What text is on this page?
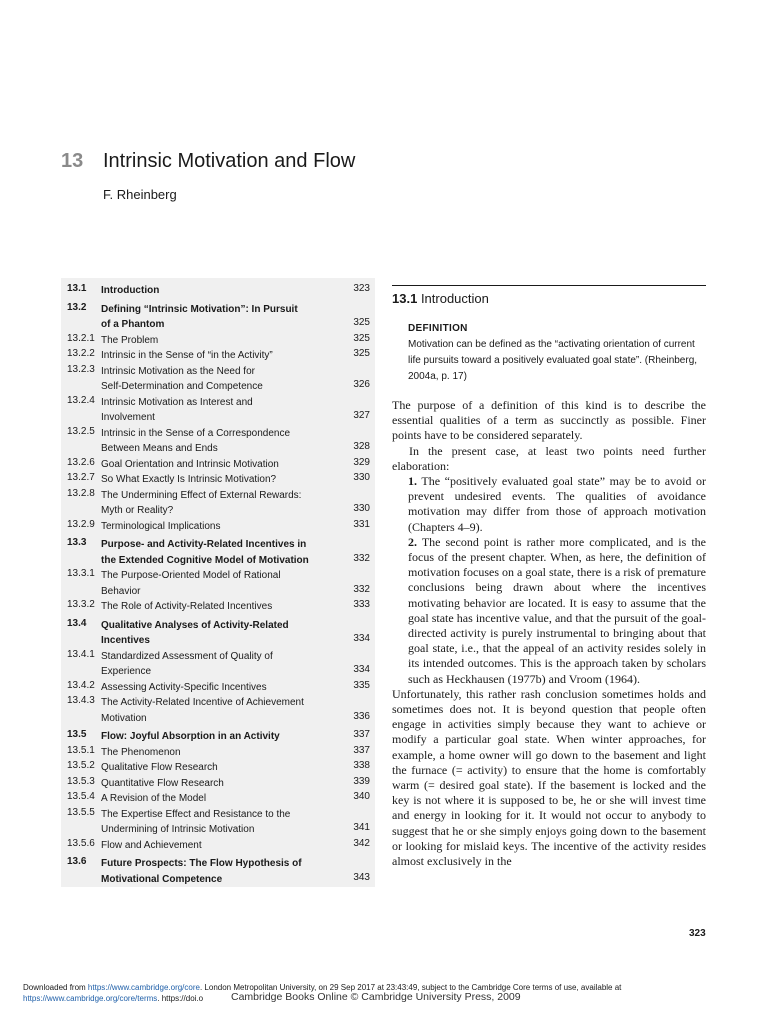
13 Intrinsic Motivation and Flow
F. Rheinberg
13.1 Introduction	323
13.2 Defining “Intrinsic Motivation”: In Pursuit
of a Phantom	325
13.2.1 The Problem	325
13.2.2 Intrinsic in the Sense of “in the Activity”	325
13.2.3 Intrinsic Motivation as the Need for
Self-Determination and Competence	326
13.2.4 Intrinsic Motivation as Interest and
Involvement	327
13.2.5 Intrinsic in the Sense of a Correspondence
Between Means and Ends	328
13.2.6 Goal Orientation and Intrinsic Motivation	329
13.2.7 So What Exactly Is Intrinsic Motivation?	330
13.2.8 The Undermining Effect of External Rewards:
Myth or Reality?	330
13.2.9 Terminological Implications	331
13.3 Purpose- and Activity-Related Incentives in
the Extended Cognitive Model of Motivation	332
13.3.1 The Purpose-Oriented Model of Rational
Behavior	332
13.3.2 The Role of Activity-Related Incentives	333
13.4 Qualitative Analyses of Activity-Related
Incentives	334
13.4.1 Standardized Assessment of Quality of
Experience	334
13.4.2 Assessing Activity-Specific Incentives	335
13.4.3 The Activity-Related Incentive of Achievement
Motivation	336
13.5 Flow: Joyful Absorption in an Activity	337
13.5.1 The Phenomenon	337
13.5.2 Qualitative Flow Research	338
13.5.3 Quantitative Flow Research	339
13.5.4 A Revision of the Model	340
13.5.5 The Expertise Effect and Resistance to the
Undermining of Intrinsic Motivation	341
13.5.6 Flow and Achievement	342
13.6 Future Prospects: The Flow Hypothesis of
Motivational Competence	343
13.1 Introduction
DEFINITION
Motivation can be defined as the “activating orientation of current life pursuits toward a positively evaluated goal state”. (Rheinberg, 2004a, p. 17)

The purpose of a definition of this kind is to describe the essential qualities of a term as succinctly as possible. Finer points have to be considered separately.

In the present case, at least two points need further elaboration:

1. The “positively evaluated goal state” may be to avoid or prevent undesired events. The qualities of avoidance motivation may differ from those of approach motivation (Chapters 4–9).

2. The second point is rather more complicated, and is the focus of the present chapter. When, as here, the definition of motivation focuses on a goal state, there is a risk of premature conclusions being drawn about where the incentives motivating behavior are located. It is easy to assume that the goal state has incentive value, and that the pursuit of the goal-directed activity is purely instrumental to bringing about that goal state, i.e., that the appeal of an activity resides solely in its intended outcomes. This is the approach taken by scholars such as Heckhausen (1977b) and Vroom (1964).

Unfortunately, this rather rash conclusion sometimes holds and sometimes does not. It is beyond question that people often engage in activities simply because they want to achieve or modify a particular goal state. When winter approaches, for example, a home owner will go down to the basement and light the furnace (= activity) to ensure that the home is comfortably warm (= desired goal state). If the basement is locked and the key is not where it is supposed to be, he or she will invest time and energy in looking for it. It would not occur to anybody to suggest that he or she simply enjoys going down to the basement or looking for mislaid keys. The incentive of the activity resides almost exclusively in the

323
Downloaded from https://www.cambridge.org/core. London Metropolitan University, on 29 Sep 2017 at 23:43:49, subject to the Cambridge Core terms of use, available at
https://www.cambridge.org/core/terms. https://doi.o	Cambridge Books Online © Cambridge University Press, 2009
